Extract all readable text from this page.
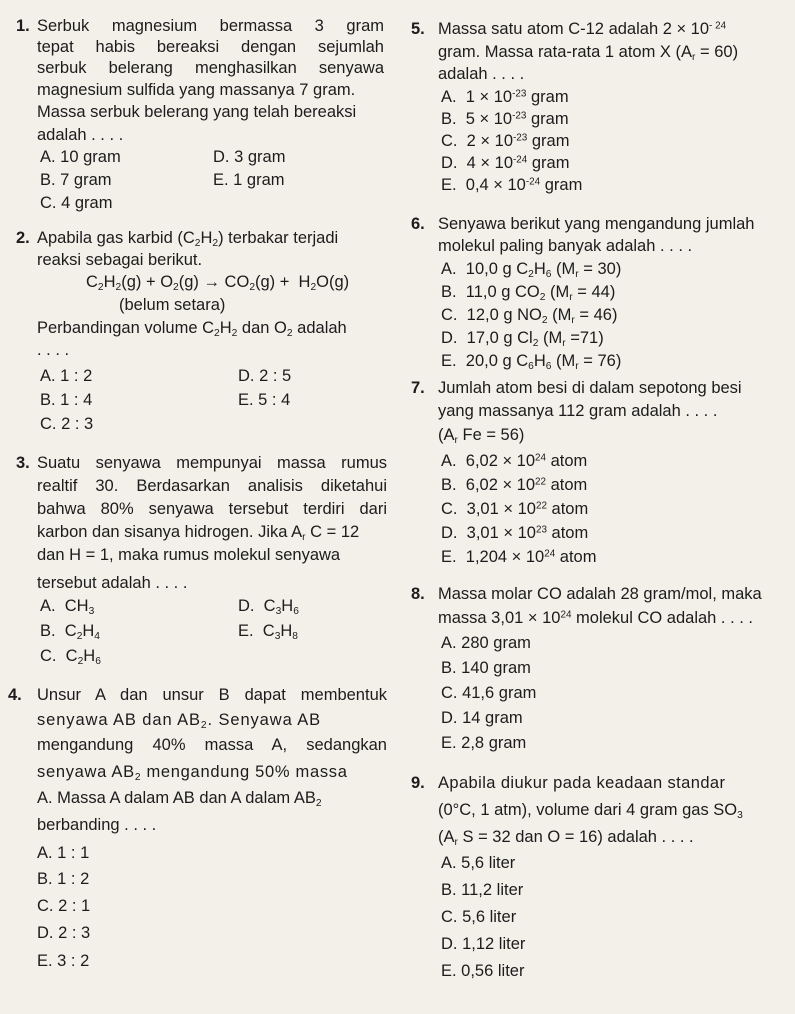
1. Serbuk magnesium bermassa 3 gram
tepat habis bereaksi dengan sejumlah
serbuk belerang menghasilkan senyawa
magnesium sulfida yang massanya 7 gram.
Massa serbuk belerang yang telah bereaksi
adalah . . . .
A. 10 gram
B. 7 gram
C. 4 gram
D. 3 gram
E. 1 gram
2. Apabila gas karbid $(C_2H_2)$ terbakar terjadi
reaksi sebagai berikut.
$C_2H_2(g) + O_2(g) \to CO_2(g) + H_2O(g)$
(belum setara)
Perbandingan volume $C_2H_2$ dan $O_2$ adalah
. . . .
A. 1 : 2
B. 1 : 4
C. 2 : 3
D. 2 : 5
E. 5 : 4
3. Suatu senyawa mempunyai massa rumus
realtif 30. Berdasarkan analisis diketahui
bahwa 80% senyawa tersebut terdiri dari
karbon dan sisanya hidrogen. Jika $A_r$ C = 12
dan H = 1, maka rumus molekul senyawa
tersebut adalah . . . .
A.  $CH_3$
B.  $C_2H_4$
C.  $C_2H_6$
D.  $C_3H_6$
E.  $C_3H_8$
4. Unsur A dan unsur B dapat membentuk
senyawa AB dan $AB_2$. Senyawa AB
mengandung 40% massa A, sedangkan
senyawa $AB_2$ mengandung 50% massa
A. Massa A dalam AB dan A dalam $AB_2$
berbanding . . . .
A. 1 : 1
B. 1 : 2
C. 2 : 1
D. 2 : 3
E. 3 : 2
5. Massa satu atom C-12 adalah $2 \times 10^{- 24}$
gram. Massa rata-rata 1 atom X $(A_r = 60)$
adalah . . . .
A. $1 \times 10^{-23}$ gram
B. $5 \times 10^{-23}$ gram
C. $2 \times 10^{-23}$ gram
D. $4 \times 10^{-24}$ gram
E. $0,4 \times 10^{-24}$ gram
6. Senyawa berikut yang mengandung jumlah
molekul paling banyak adalah . . . .
A.  10,0 g $C_2H_6$ $(M_r = 30)$
B.  11,0 g $CO_2$ $(M_r = 44)$
C.  12,0 g $NO_2$ $(M_r = 46)$
D.  17,0 g $Cl_2$ $(M_r =71)$
E.  20,0 g $C_6H_6$ $(M_r = 76)$
7. Jumlah atom besi di dalam sepotong besi
yang massanya 112 gram adalah . . . .
($A_r$ Fe = 56)
A. $6,02 \times 10^{24}$ atom
B. $6,02 \times 10^{22}$ atom
C. $3,01 \times 10^{22}$ atom
D. $3,01 \times 10^{23}$ atom
E. $1,204 \times 10^{24}$ atom
8. Massa molar CO adalah 28 gram/mol, maka
massa $3,01 \times 10^{24}$ molekul CO adalah . . . .
A. 280 gram
B. 140 gram
C. 41,6 gram
D. 14 gram
E. 2,8 gram
9. Apabila diukur pada keadaan standar
(0°C, 1 atm), volume dari 4 gram gas $SO_3$
($A_r$ S = 32 dan O = 16) adalah . . . .
A. 5,6 liter
B. 11,2 liter
C. 5,6 liter
D. 1,12 liter
E. 0,56 liter
